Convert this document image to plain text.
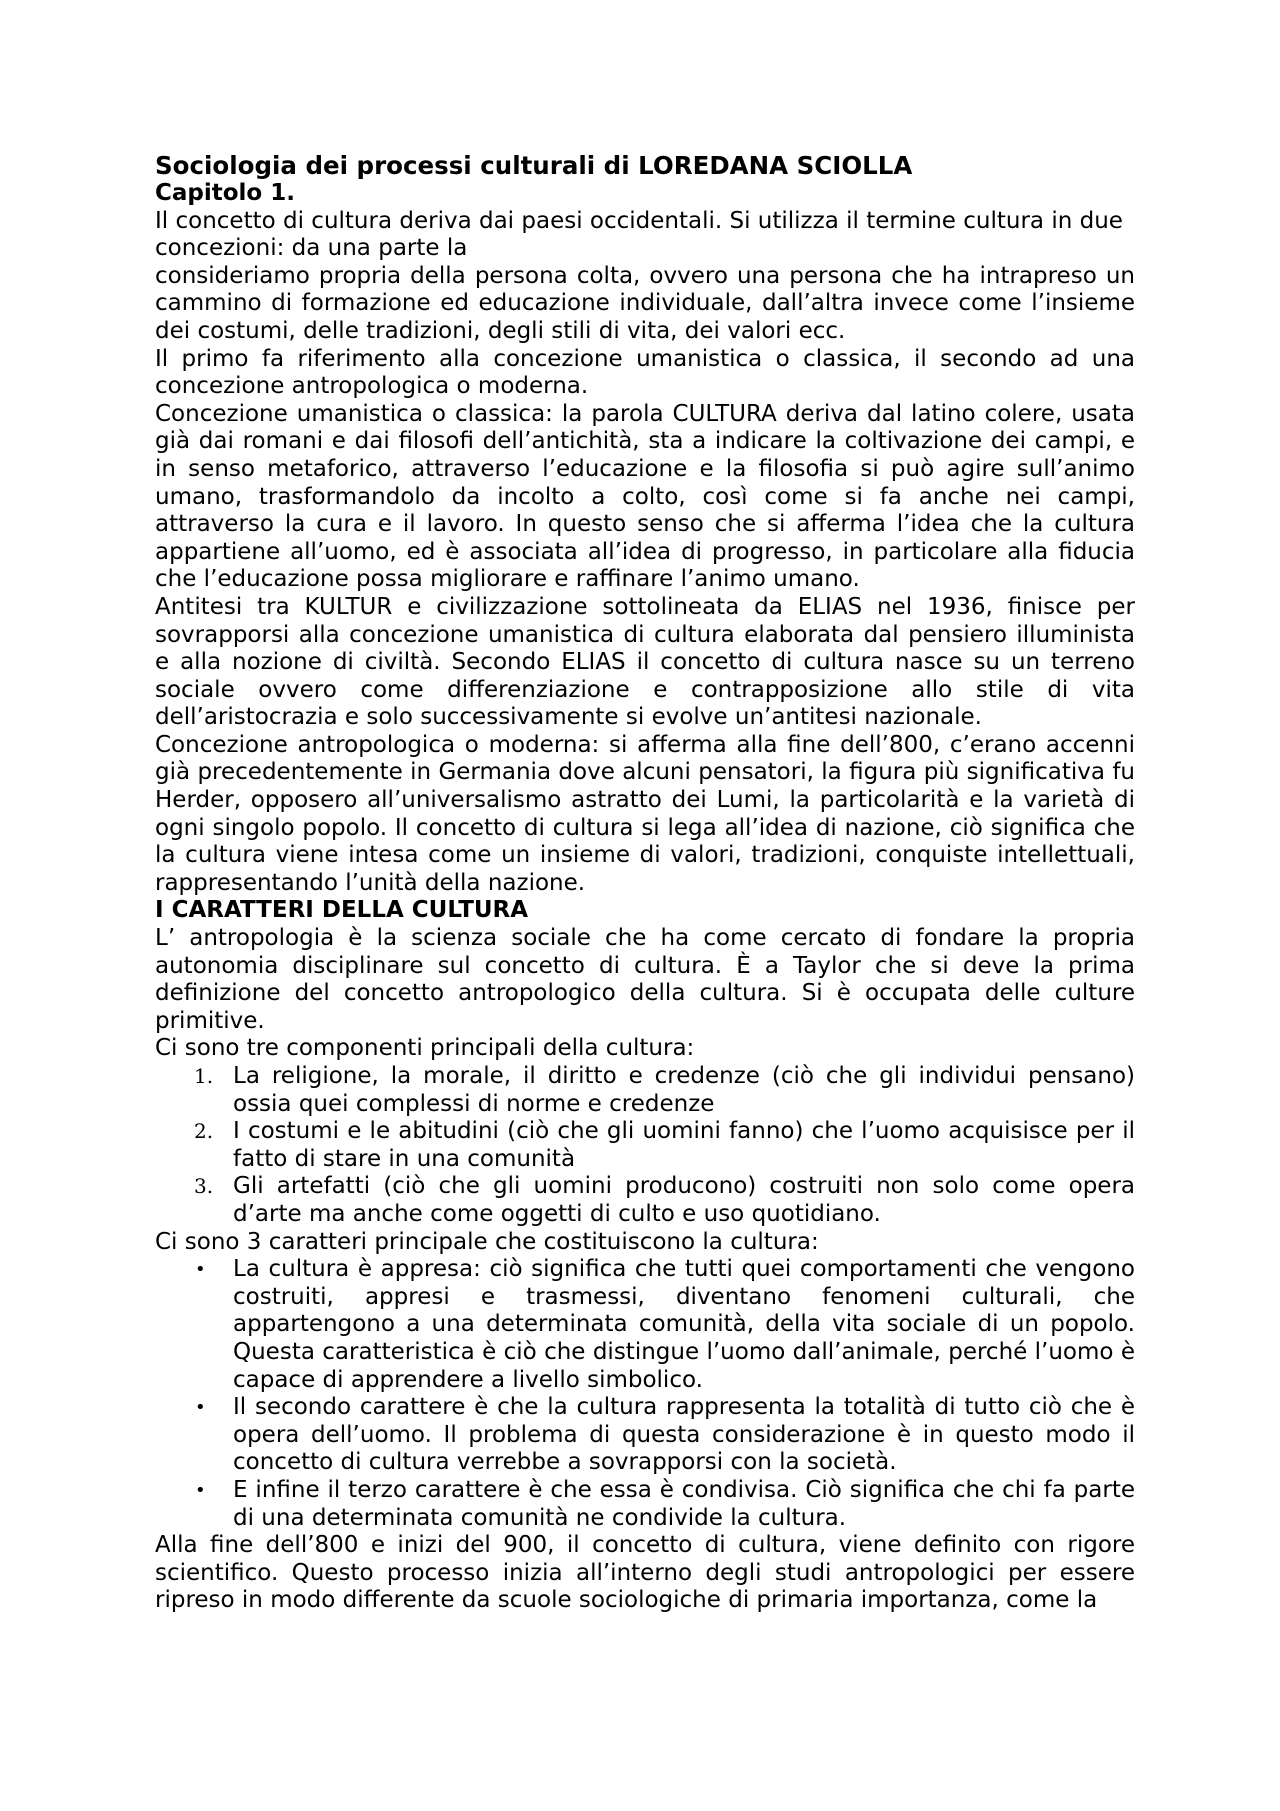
Sociologia dei processi culturali di LOREDANA SCIOLLA
Capitolo 1.

Il concetto di cultura deriva dai paesi occidentali. Si utilizza il termine cultura in due concezioni: da una parte la

consideriamo propria della persona colta, ovvero una persona che ha intrapreso un cammino di formazione ed educazione individuale, dall’altra invece come l’insieme dei costumi, delle tradizioni, degli stili di vita, dei valori ecc.

Il primo fa riferimento alla concezione umanistica o classica, il secondo ad una concezione antropologica o moderna.

Concezione umanistica o classica: la parola CULTURA deriva dal latino colere, usata già dai romani e dai filosofi dell’antichità, sta a indicare la coltivazione dei campi, e in senso metaforico, attraverso l’educazione e la filosofia si può agire sull’animo umano, trasformandolo da incolto a colto, così come si fa anche nei campi, attraverso la cura e il lavoro. In questo senso che si afferma l’idea che la cultura appartiene all’uomo, ed è associata all’idea di progresso, in particolare alla fiducia che l’educazione possa migliorare e raffinare l’animo umano.

Antitesi tra KULTUR e civilizzazione sottolineata da ELIAS nel 1936, finisce per sovrapporsi alla concezione umanistica di cultura elaborata dal pensiero illuminista e alla nozione di civiltà. Secondo ELIAS il concetto di cultura nasce su un terreno sociale ovvero come differenziazione e contrapposizione allo stile di vita dell’aristocrazia e solo successivamente si evolve un’antitesi nazionale.

Concezione antropologica o moderna: si afferma alla fine dell’800, c’erano accenni già precedentemente in Germania dove alcuni pensatori, la figura più significativa fu Herder, opposero all’universalismo astratto dei Lumi, la particolarità e la varietà di ogni singolo popolo. Il concetto di cultura si lega all’idea di nazione, ciò significa che la cultura viene intesa come un insieme di valori, tradizioni, conquiste intellettuali, rappresentando l’unità della nazione.

I CARATTERI DELLA CULTURA

L’ antropologia è la scienza sociale che ha come cercato di fondare la propria autonomia disciplinare sul concetto di cultura. È a Taylor che si deve la prima definizione del concetto antropologico della cultura. Si è occupata delle culture primitive.

Ci sono tre componenti principali della cultura:

1. La religione, la morale, il diritto e credenze (ciò che gli individui pensano) ossia quei complessi di norme e credenze
2. I costumi e le abitudini (ciò che gli uomini fanno) che l’uomo acquisisce per il fatto di stare in una comunità
3. Gli artefatti (ciò che gli uomini producono) costruiti non solo come opera d’arte ma anche come oggetti di culto e uso quotidiano.

Ci sono 3 caratteri principale che costituiscono la cultura:

• La cultura è appresa: ciò significa che tutti quei comportamenti che vengono costruiti, appresi e trasmessi, diventano fenomeni culturali, che appartengono a una determinata comunità, della vita sociale di un popolo. Questa caratteristica è ciò che distingue l’uomo dall’animale, perché l’uomo è capace di apprendere a livello simbolico.
• Il secondo carattere è che la cultura rappresenta la totalità di tutto ciò che è opera dell’uomo. Il problema di questa considerazione è in questo modo il concetto di cultura verrebbe a sovrapporsi con la società.
• E infine il terzo carattere è che essa è condivisa. Ciò significa che chi fa parte di una determinata comunità ne condivide la cultura.

Alla fine dell’800 e inizi del 900, il concetto di cultura, viene definito con rigore scientifico. Questo processo inizia all’interno degli studi antropologici per essere ripreso in modo differente da scuole sociologiche di primaria importanza, come la
